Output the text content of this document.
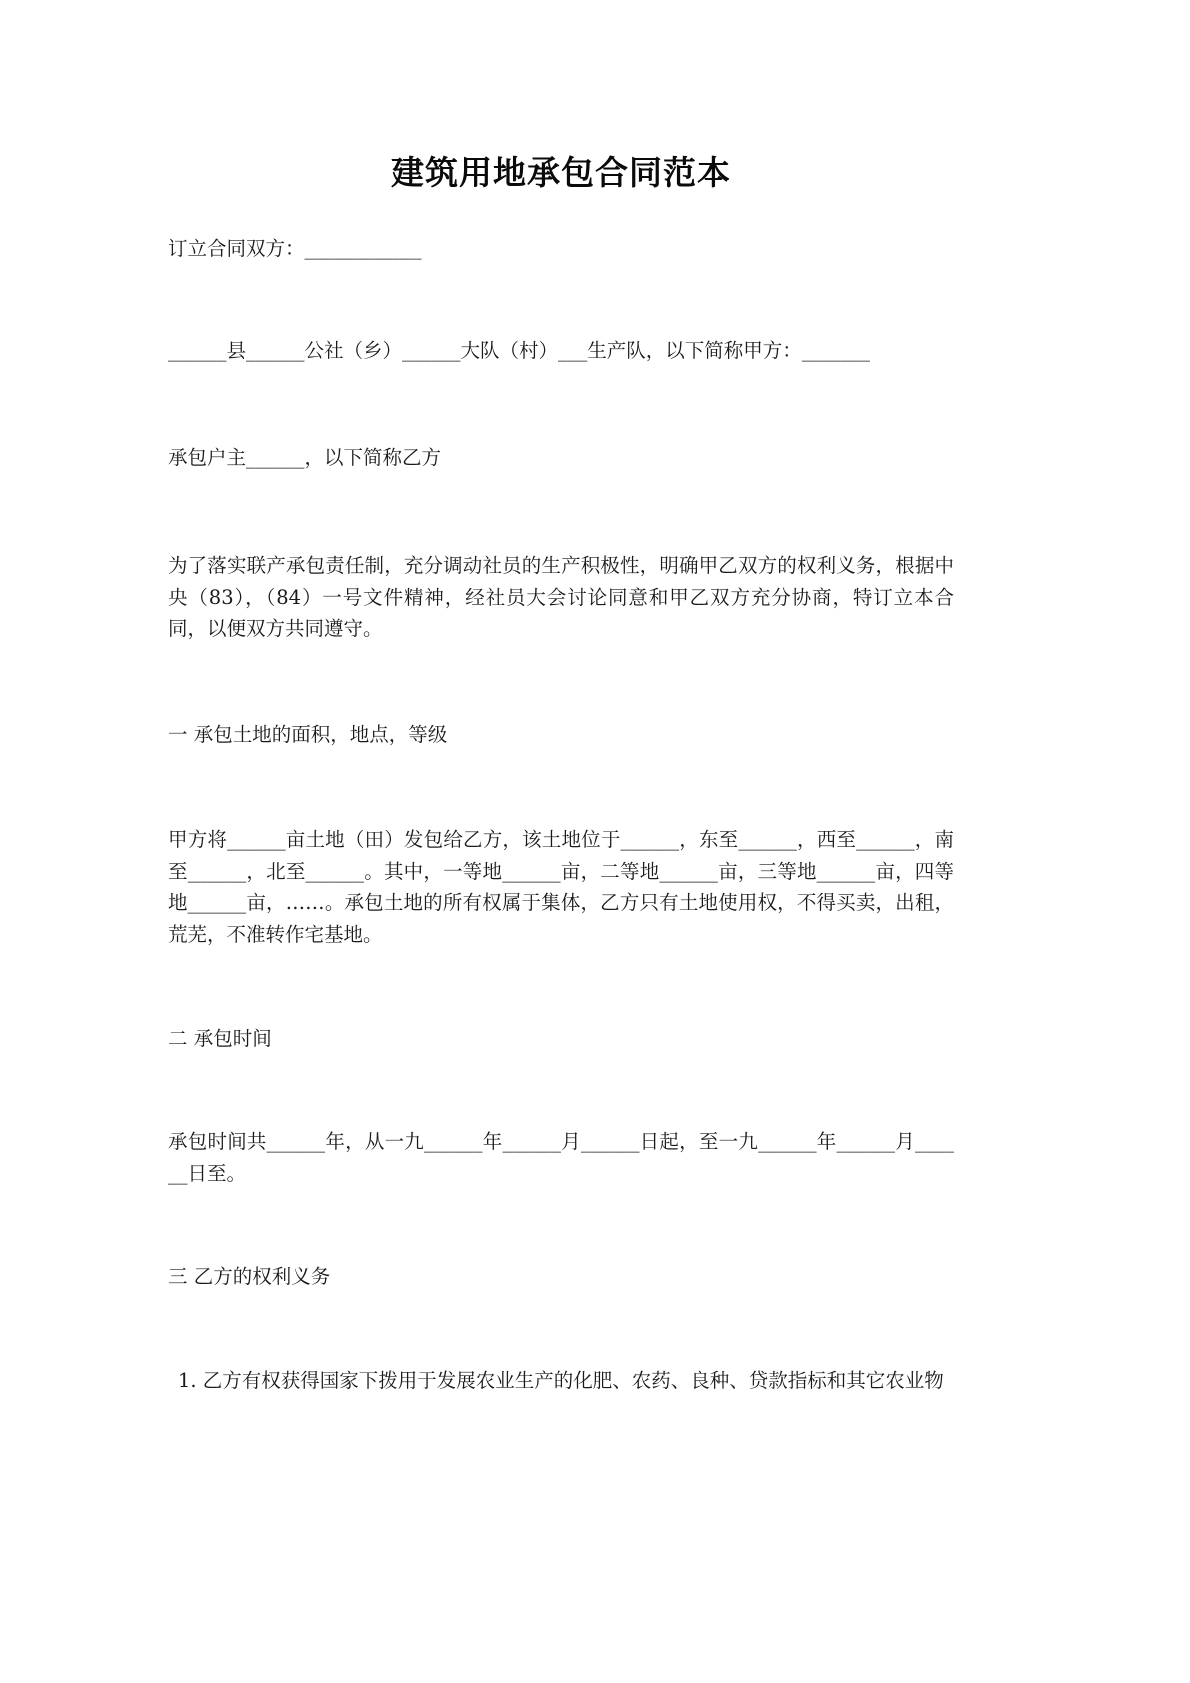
建筑用地承包合同范本

订立合同双方：____________

______县______公社（乡）______大队（村）___生产队，以下简称甲方：_______

承包户主______，以下简称乙方

为了落实联产承包责任制，充分调动社员的生产积极性，明确甲乙双方的权利义务，根据中央（83），（84）一号文件精神，经社员大会讨论同意和甲乙双方充分协商，特订立本合同，以便双方共同遵守。

一 承包土地的面积，地点，等级

甲方将______亩土地（田）发包给乙方，该土地位于______，东至______，西至______，南至______，北至______。其中，一等地______亩，二等地______亩，三等地______亩，四等地______亩，……。承包土地的所有权属于集体，乙方只有土地使用权，不得买卖，出租，荒芜，不准转作宅基地。

二 承包时间

承包时间共______年，从一九______年______月______日起，至一九______年______月______日至。

三 乙方的权利义务

1. 乙方有权获得国家下拨用于发展农业生产的化肥、农药、良种、贷款指标和其它农业物
